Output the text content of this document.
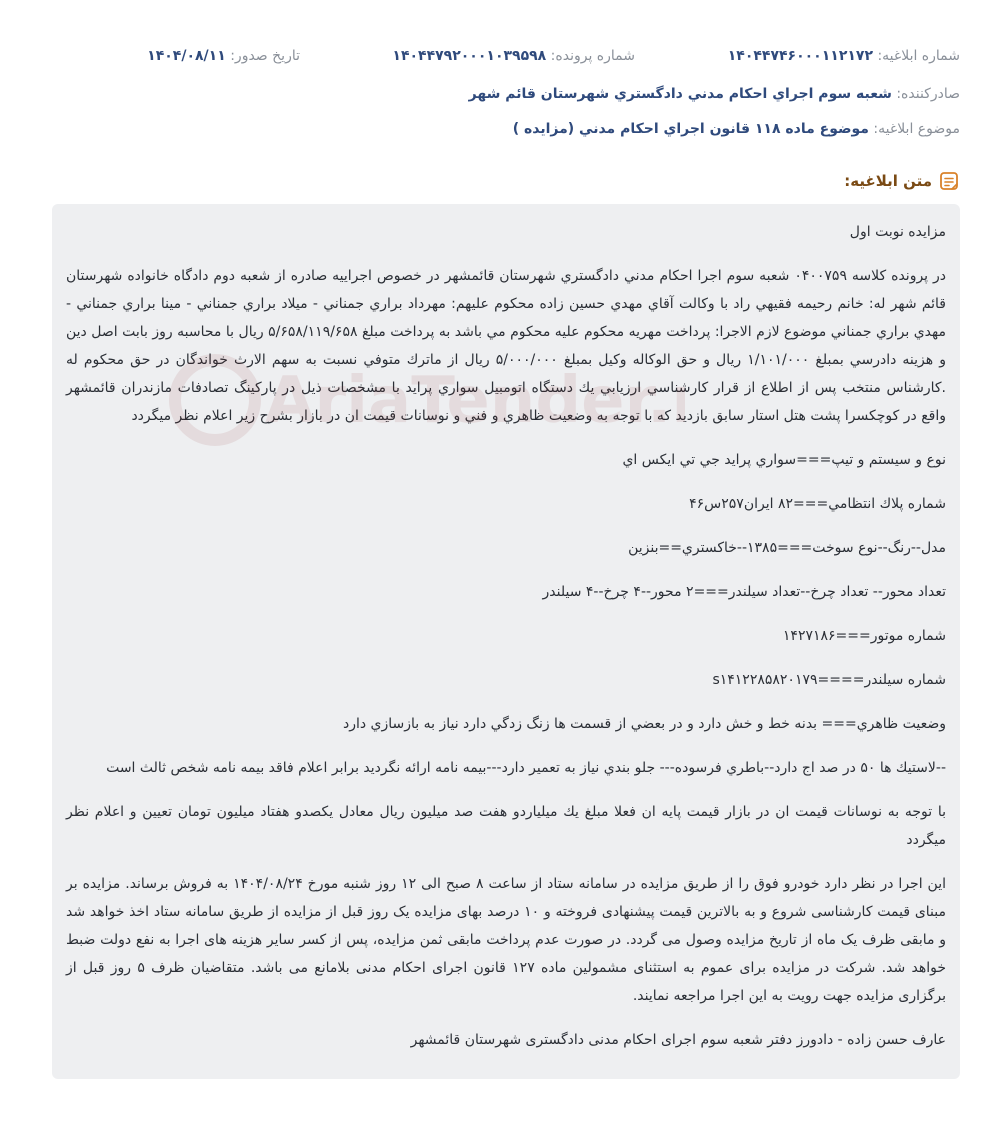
شماره ابلاغیه: ۱۴۰۴۴۷۴۶۰۰۰۱۱۲۱۷۲
شماره پرونده: ۱۴۰۴۴۷۹۲۰۰۰۱۰۳۹۵۹۸
تاریخ صدور: ۱۴۰۴/۰۸/۱۱
صادرکننده: شعبه سوم اجراي احكام مدني دادگستري شهرستان قائم شهر
موضوع ابلاغیه: موضوع ماده ۱۱۸ قانون اجراي احكام مدني (مزايده )
متن ابلاغیه:

مزایده نوبت اول

در پرونده كلاسه ۰۴۰۰۷۵۹ شعبه سوم اجرا احكام مدني دادگستري شهرستان قائمشهر در خصوص اجراييه صادره از شعبه دوم دادگاه خانواده شهرستان قائم شهر له: خانم رحيمه فقيهي راد با وكالت آقاي مهدي حسين زاده محكوم عليهم: مهرداد براري جمناني - ميلاد براري جمناني - مينا براري جمناني - مهدي براري جمناني موضوع لازم الاجرا: پرداخت مهريه محكوم عليه محكوم مي باشد به پرداخت مبلغ ۵/۶۵۸/۱۱۹/۶۵۸ ريال با محاسبه روز بابت اصل دين و هزينه دادرسي بمبلغ ۱/۱۰۱/۰۰۰ ريال و حق الوكاله وكيل بمبلغ ۵/۰۰۰/۰۰۰ ريال از ماترك متوفي نسبت به سهم الارث خواندگان در حق محكوم له .كارشناس منتخب پس از اطلاع از قرار كارشناسي ارزيابي يك دستگاه اتومبيل سواري پرايد با مشخصات ذيل در پاركينگ تصادفات مازندران قائمشهر واقع در كوچكسرا پشت هتل استار سابق بازديد كه با توجه به وضعيت ظاهري و فني و نوسانات قيمت ان در بازار بشرح زير اعلام نظر ميگردد

نوع و سيستم و تيپ===سواري پرايد جي تي ايكس اي

شماره پلاك انتظامي===۸۲ ايران۲۵۷س۴۶

مدل--رنگ--نوع سوخت===۱۳۸۵--خاكستري==بنزين

تعداد محور-- تعداد چرخ--تعداد سيلندر===۲ محور--۴ چرخ--۴ سيلندر

شماره موتور===۱۴۲۷۱۸۶

شماره سيلندر====s۱۴۱۲۲۸۵۸۲۰۱۷۹

وضعيت ظاهري=== بدنه خط و خش دارد و در بعضي از قسمت ها زنگ زدگي دارد نياز به بازسازي دارد

--لاستيك ها ۵۰ در صد اج دارد--باطري فرسوده--- جلو بندي نياز به تعمير دارد---بيمه نامه ارائه نگرديد برابر اعلام فاقد بيمه نامه شخص ثالث است

با توجه به نوسانات قيمت ان در بازار قيمت پايه ان فعلا مبلغ يك ميلياردو هفت صد ميليون ريال معادل يكصدو هفتاد ميليون تومان تعيين و اعلام نظر ميگردد

اين اجرا در نظر دارد خودرو فوق را از طريق مزايده در سامانه ستاد از ساعت ۸ صبح الی ۱۲ روز شنبه مورخ ۱۴۰۴/۰۸/۲۴ به فروش برساند. مزایده بر مبنای قیمت کارشناسی شروع و به بالاترین قیمت پیشنهادی فروخته و ۱۰ درصد بهای مزایده یک روز قبل از مزایده از طریق سامانه ستاد اخذ خواهد شد و مابقی ظرف یک ماه از تاریخ مزایده وصول می گردد. در صورت عدم پرداخت مابقی ثمن مزایده، پس از کسر سایر هزینه های اجرا به نفع دولت ضبط خواهد شد. شرکت در مزایده برای عموم به استثنای مشمولین ماده ۱۲۷ قانون اجرای احکام مدنی بلامانع می باشد. متقاضیان ظرف ۵ روز قبل از برگزاری مزایده جهت رویت به این اجرا مراجعه نمایند.

عارف حسن زاده - دادورز دفتر شعبه سوم اجرای احکام مدنی دادگستری شهرستان قائمشهر
